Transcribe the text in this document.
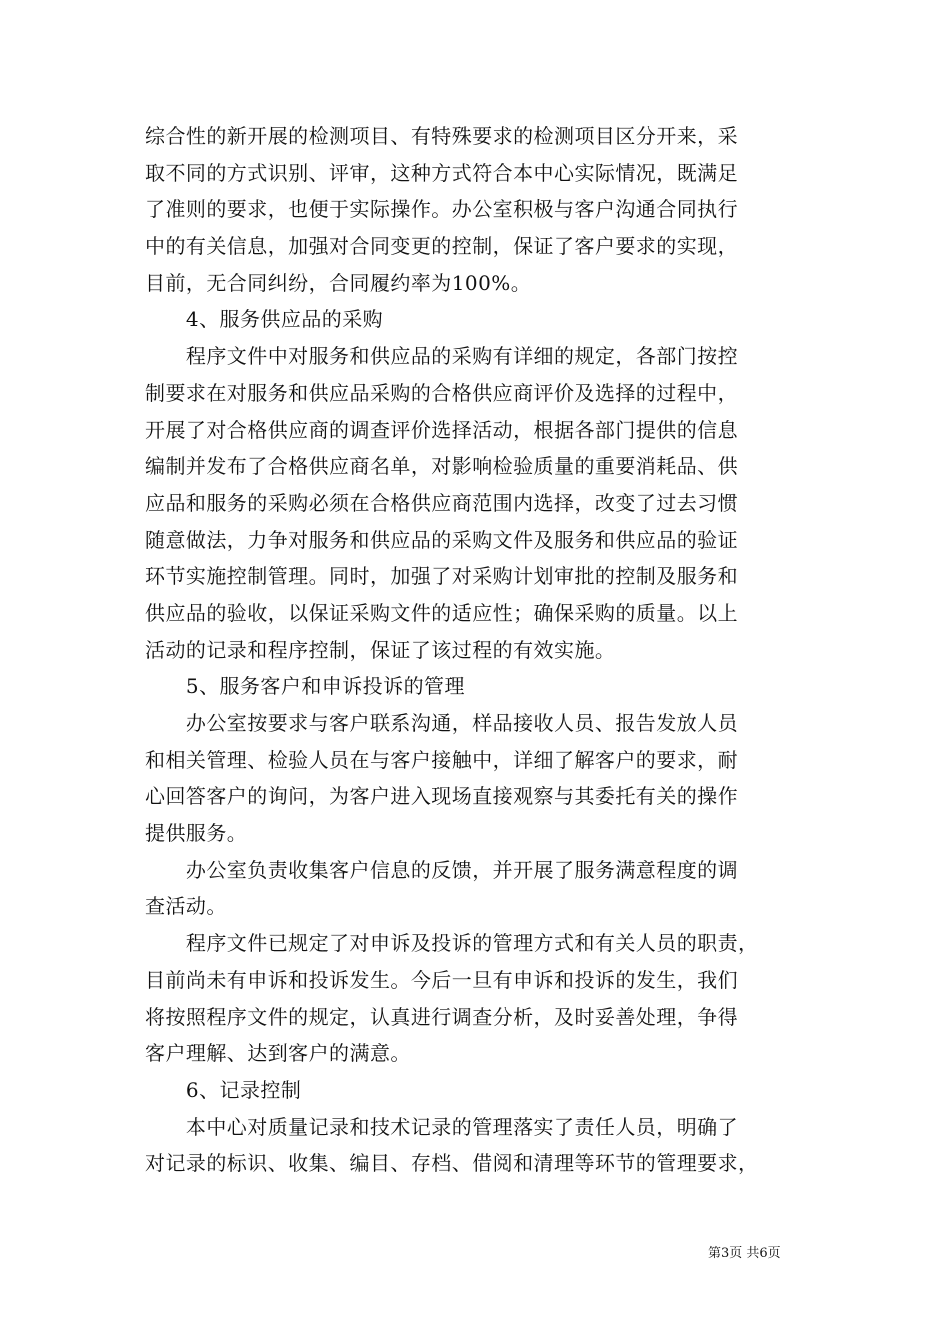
综合性的新开展的检测项目、有特殊要求的检测项目区分开来，采
取不同的方式识别、评审，这种方式符合本中心实际情况，既满足
了准则的要求，也便于实际操作。办公室积极与客户沟通合同执行
中的有关信息，加强对合同变更的控制，保证了客户要求的实现，
目前，无合同纠纷，合同履约率为100%。
　　4、服务供应品的采购
　　程序文件中对服务和供应品的采购有详细的规定，各部门按控
制要求在对服务和供应品采购的合格供应商评价及选择的过程中，
开展了对合格供应商的调查评价选择活动，根据各部门提供的信息
编制并发布了合格供应商名单，对影响检验质量的重要消耗品、供
应品和服务的采购必须在合格供应商范围内选择，改变了过去习惯
随意做法，力争对服务和供应品的采购文件及服务和供应品的验证
环节实施控制管理。同时，加强了对采购计划审批的控制及服务和
供应品的验收，以保证采购文件的适应性；确保采购的质量。以上
活动的记录和程序控制，保证了该过程的有效实施。
　　5、服务客户和申诉投诉的管理
　　办公室按要求与客户联系沟通，样品接收人员、报告发放人员
和相关管理、检验人员在与客户接触中，详细了解客户的要求，耐
心回答客户的询问，为客户进入现场直接观察与其委托有关的操作
提供服务。
　　办公室负责收集客户信息的反馈，并开展了服务满意程度的调
查活动。
　　程序文件已规定了对申诉及投诉的管理方式和有关人员的职责，
目前尚未有申诉和投诉发生。今后一旦有申诉和投诉的发生，我们
将按照程序文件的规定，认真进行调查分析，及时妥善处理，争得
客户理解、达到客户的满意。
　　6、记录控制
　　本中心对质量记录和技术记录的管理落实了责任人员，明确了
对记录的标识、收集、编目、存档、借阅和清理等环节的管理要求，
第3页 共6页
